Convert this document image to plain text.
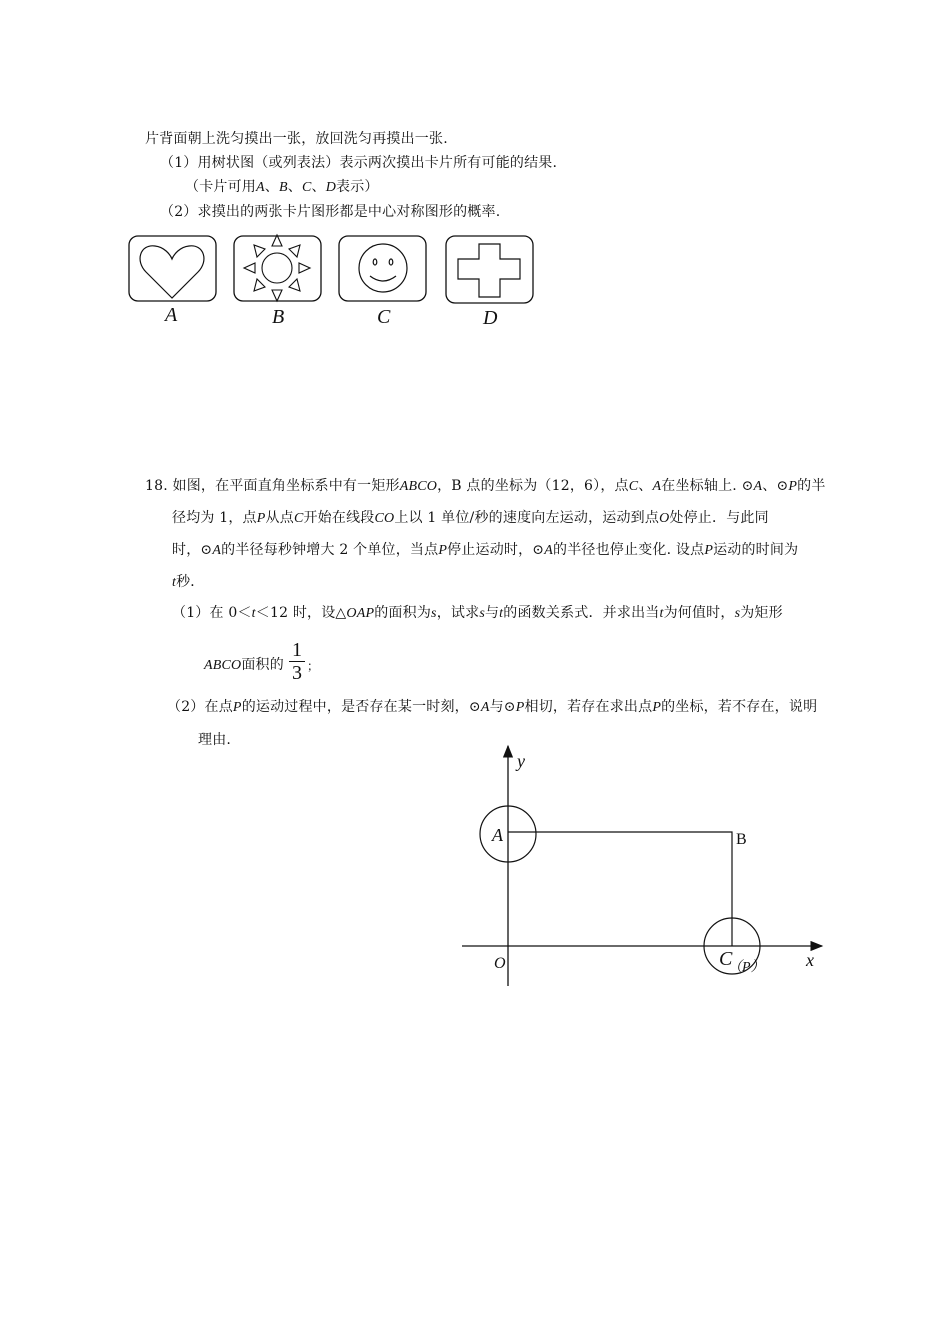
片背面朝上洗匀摸出一张，放回洗匀再摸出一张.
（1）用树状图（或列表法）表示两次摸出卡片所有可能的结果.
（卡片可用A、B、C、D表示）
（2）求摸出的两张卡片图形都是中心对称图形的概率.
A	B	C	D
18. 如图，在平面直角坐标系中有一矩形ABCO，B 点的坐标为（12，6），点C、A在坐标轴上. ⊙A、⊙P的半
径均为 1，点P从点C开始在线段CO上以 1 单位/秒的速度向左运动，运动到点O处停止．与此同
时，⊙A的半径每秒钟增大 2 个单位，当点P停止运动时，⊙A的半径也停止变化. 设点P运动的时间为
t秒．
（1）在 0＜t＜12 时，设△OAP的面积为s，试求s与t的函数关系式．并求出当t为何值时，s为矩形
ABCO面积的
1
3 ；
（2）在点P的运动过程中，是否存在某一时刻，⊙A与⊙P相切，若存在求出点P的坐标，若不存在，说明
理由.
y
x
O
A	B
C
（P）
